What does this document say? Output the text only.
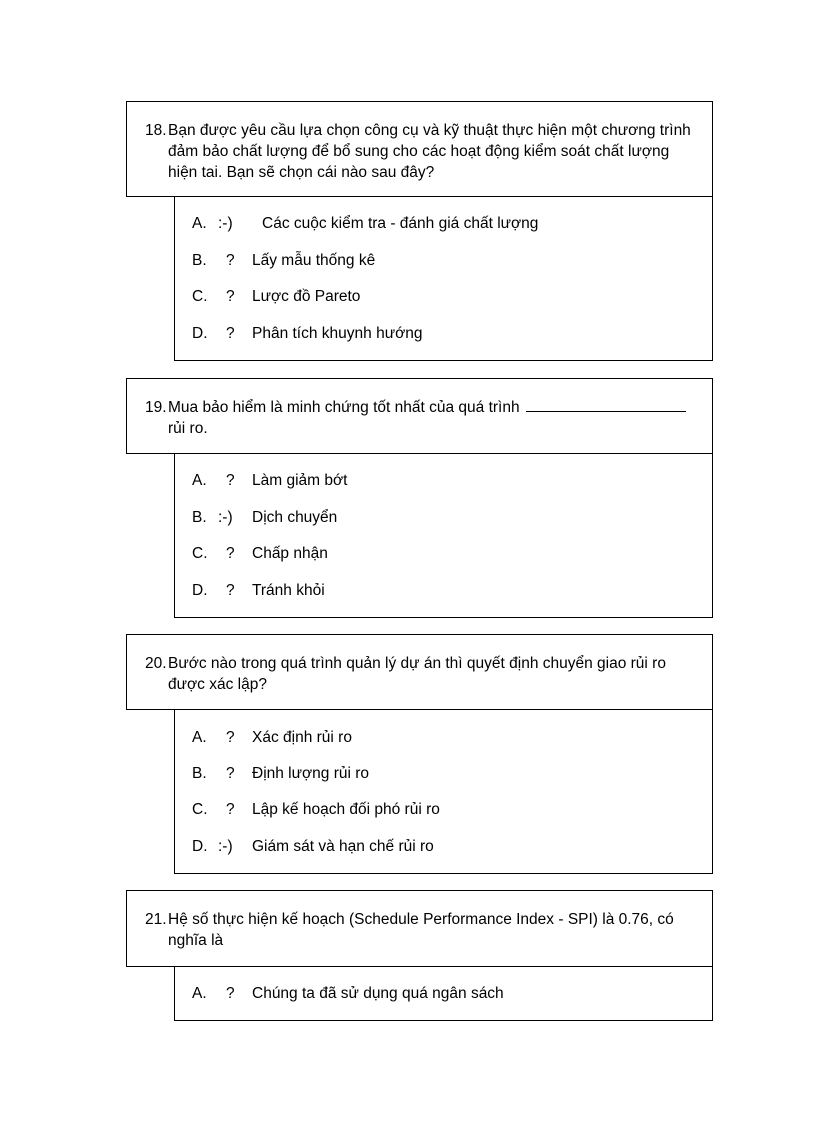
18. Bạn được yêu cầu lựa chọn công cụ và kỹ thuật thực hiện một chương trình đảm bảo chất lượng để bổ sung cho các hoạt động kiểm soát chất lượng hiện tai. Bạn sẽ chọn cái nào sau đây?
A. :-) Các cuộc kiểm tra - đánh giá chất lượng
B. ? Lấy mẫu thống kê
C. ? Lược đồ Pareto
D. ? Phân tích khuynh hướng
19. Mua bảo hiểm là minh chứng tốt nhất của quá trình
rủi ro.
A. ? Làm giảm bớt
B. :-) Dịch chuyển
C. ? Chấp nhận
D. ? Tránh khỏi
20. Bước nào trong quá trình quản lý dự án thì quyết định chuyển giao rủi ro được xác lập?
A. ? Xác định rủi ro
B. ? Định lượng rủi ro
C. ? Lập kế hoạch đối phó rủi ro
D. :-) Giám sát và hạn chế rủi ro
21. Hệ số thực hiện kế hoạch (Schedule Performance Index - SPI) là 0.76, có nghĩa là
A. ? Chúng ta đã sử dụng quá ngân sách
